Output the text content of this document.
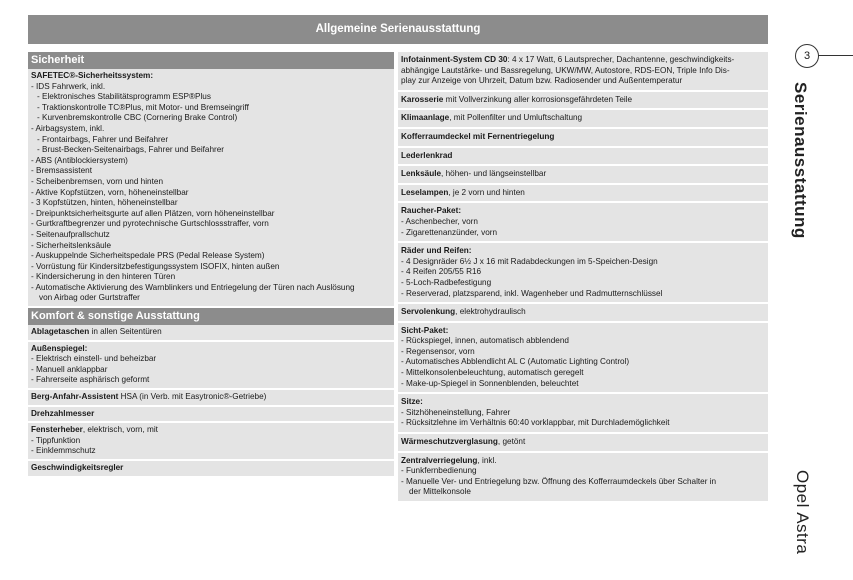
Allgemeine Serienausstattung
3
Serienausstattung
Opel Astra
Sicherheit
SAFETEC®-Sicherheitssystem:
- IDS Fahrwerk, inkl.
- Elektronisches Stabilitätsprogramm ESP®Plus
- Traktionskontrolle TC®Plus, mit Motor- und Bremseingriff
- Kurvenbremskontrolle CBC (Cornering Brake Control)
- Airbagsystem, inkl.
- Frontairbags, Fahrer und Beifahrer
- Brust-Becken-Seitenairbags, Fahrer und Beifahrer
- ABS (Antiblockiersystem)
- Bremsassistent
- Scheibenbremsen, vorn und hinten
- Aktive Kopfstützen, vorn, höheneinstellbar
- 3 Kopfstützen, hinten, höheneinstellbar
- Dreipunktsicherheitsgurte auf allen Plätzen, vorn höheneinstellbar
- Gurtkraftbegrenzer und pyrotechnische Gurtschlossstraffer, vorn
- Seitenaufprallschutz
- Sicherheitslenksäule
- Auskuppelnde Sicherheitspedale PRS (Pedal Release System)
- Vorrüstung für Kindersitzbefestigungssystem ISOFIX, hinten außen
- Kindersicherung in den hinteren Türen
- Automatische Aktivierung des Warnblinkers und Entriegelung der Türen nach Auslösung
von Airbag oder Gurtstraffer
Komfort & sonstige Ausstattung
Ablagetaschen in allen Seitentüren
Außenspiegel:
- Elektrisch einstell- und beheizbar
- Manuell anklappbar
- Fahrerseite asphärisch geformt
Berg-Anfahr-Assistent HSA (in Verb. mit Easytronic®-Getriebe)
Drehzahlmesser
Fensterheber, elektrisch, vorn, mit
- Tippfunktion
- Einklemmschutz
Geschwindigkeitsregler
Infotainment-System CD 30: 4 x 17 Watt, 6 Lautsprecher, Dachantenne, geschwindigkeits-
abhängige Lautstärke- und Bassregelung, UKW/MW, Autostore, RDS-EON, Triple Info Dis-
play zur Anzeige von Uhrzeit, Datum bzw. Radiosender und Außentemperatur
Karosserie mit Vollverzinkung aller korrosionsgefährdeten Teile
Klimaanlage, mit Pollenfilter und Umluftschaltung
Kofferraumdeckel mit Fernentriegelung
Lederlenkrad
Lenksäule, höhen- und längseinstellbar
Leselampen, je 2 vorn und hinten
Raucher-Paket:
- Aschenbecher, vorn
- Zigarettenanzünder, vorn
Räder und Reifen:
- 4 Designräder 6½ J x 16 mit Radabdeckungen im 5-Speichen-Design
- 4 Reifen 205/55 R16
- 5-Loch-Radbefestigung
- Reserverad, platzsparend, inkl. Wagenheber und Radmutternschlüssel
Servolenkung, elektrohydraulisch
Sicht-Paket:
- Rückspiegel, innen, automatisch abblendend
- Regensensor, vorn
- Automatisches Abblendlicht AL C (Automatic Lighting Control)
- Mittelkonsolenbeleuchtung, automatisch geregelt
- Make-up-Spiegel in Sonnenblenden, beleuchtet
Sitze:
- Sitzhöheneinstellung, Fahrer
- Rücksitzlehne im Verhältnis 60:40 vorklappbar, mit Durchlademöglichkeit
Wärmeschutzverglasung, getönt
Zentralverriegelung, inkl.
- Funkfernbedienung
- Manuelle Ver- und Entriegelung bzw. Öffnung des Kofferraumdeckels über Schalter in
der Mittelkonsole
